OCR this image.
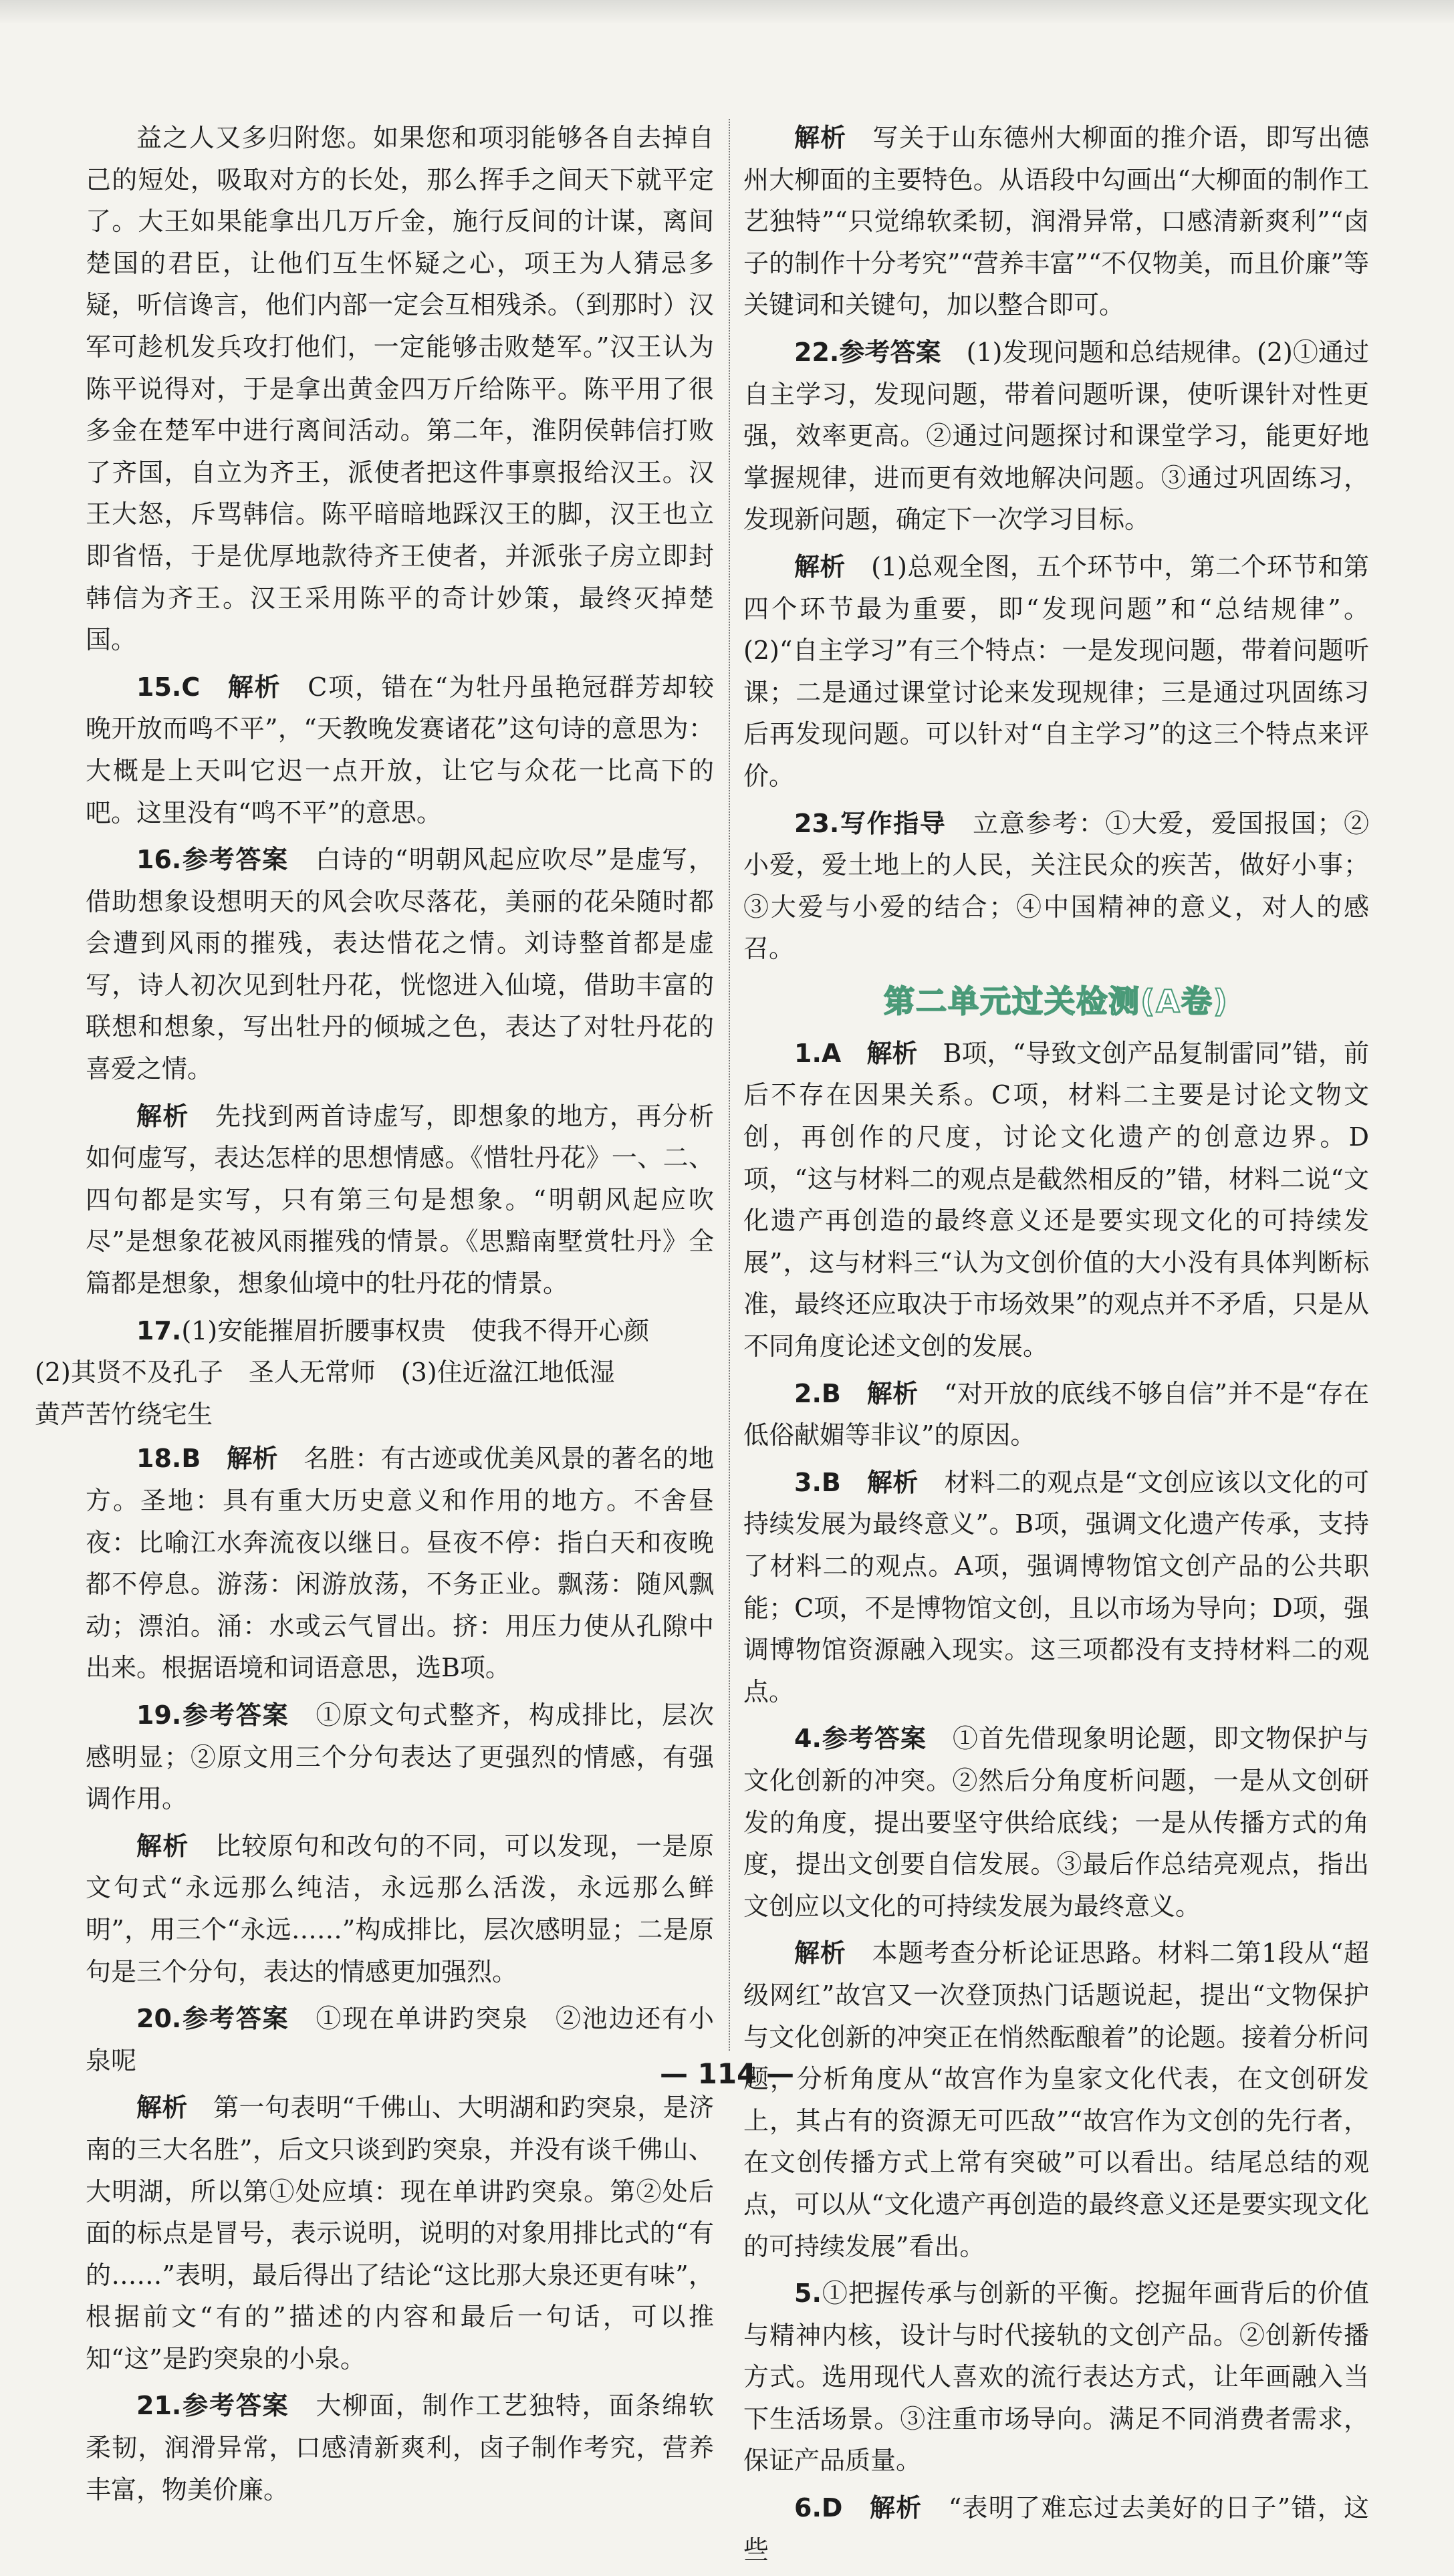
益之人又多归附您。如果您和项羽能够各自去掉自己的短处，吸取对方的长处，那么挥手之间天下就平定了。大王如果能拿出几万斤金，施行反间的计谋，离间楚国的君臣，让他们互生怀疑之心，项王为人猜忌多疑，听信谗言，他们内部一定会互相残杀。（到那时）汉军可趁机发兵攻打他们，一定能够击败楚军。”汉王认为陈平说得对，于是拿出黄金四万斤给陈平。陈平用了很多金在楚军中进行离间活动。第二年，淮阴侯韩信打败了齐国，自立为齐王，派使者把这件事禀报给汉王。汉王大怒，斥骂韩信。陈平暗暗地踩汉王的脚，汉王也立即省悟，于是优厚地款待齐王使者，并派张子房立即封韩信为齐王。汉王采用陈平的奇计妙策，最终灭掉楚国。

15.C　 解析　 C项，错在“为牡丹虽艳冠群芳却较晚开放而鸣不平”，“天教晚发赛诸花”这句诗的意思为：大概是上天叫它迟一点开放，让它与众花一比高下的吧。这里没有“鸣不平”的意思。

16.参考答案　 白诗的“明朝风起应吹尽”是虚写，借助想象设想明天的风会吹尽落花，美丽的花朵随时都会遭到风雨的摧残，表达惜花之情。刘诗整首都是虚写，诗人初次见到牡丹花，恍惚进入仙境，借助丰富的联想和想象，写出牡丹的倾城之色，表达了对牡丹花的喜爱之情。

解析　 先找到两首诗虚写，即想象的地方，再分析如何虚写，表达怎样的思想情感。《惜牡丹花》一、二、四句都是实写，只有第三句是想象。“明朝风起应吹尽”是想象花被风雨摧残的情景。《思黯南墅赏牡丹》全篇都是想象，想象仙境中的牡丹花的情景。

17.(1)安能摧眉折腰事权贵　使我不得开心颜
(2)其贤不及孔子　圣人无常师　(3)住近湓江地低湿
黄芦苦竹绕宅生

18.B　 解析　 名胜：有古迹或优美风景的著名的地方。圣地：具有重大历史意义和作用的地方。不舍昼夜：比喻江水奔流夜以继日。昼夜不停：指白天和夜晚都不停息。游荡：闲游放荡，不务正业。飘荡：随风飘动；漂泊。涌：水或云气冒出。挤：用压力使从孔隙中出来。根据语境和词语意思，选B项。

19.参考答案　 ①原文句式整齐，构成排比，层次感明显；②原文用三个分句表达了更强烈的情感，有强调作用。

解析　 比较原句和改句的不同，可以发现，一是原文句式“永远那么纯洁，永远那么活泼，永远那么鲜明”，用三个“永远……”构成排比，层次感明显；二是原句是三个分句，表达的情感更加强烈。

20.参考答案　 ①现在单讲趵突泉　②池边还有小泉呢

解析　 第一句表明“千佛山、大明湖和趵突泉，是济南的三大名胜”，后文只谈到趵突泉，并没有谈千佛山、大明湖，所以第①处应填：现在单讲趵突泉。第②处后面的标点是冒号，表示说明，说明的对象用排比式的“有的……”表明，最后得出了结论“这比那大泉还更有味”，根据前文“有的”描述的内容和最后一句话，可以推知“这”是趵突泉的小泉。

21.参考答案　 大柳面，制作工艺独特，面条绵软柔韧，润滑异常，口感清新爽利，卤子制作考究，营养丰富，物美价廉。

解析　 写关于山东德州大柳面的推介语，即写出德州大柳面的主要特色。从语段中勾画出“大柳面的制作工艺独特”“只觉绵软柔韧，润滑异常，口感清新爽利”“卤子的制作十分考究”“营养丰富”“不仅物美，而且价廉”等关键词和关键句，加以整合即可。

22.参考答案　 (1)发现问题和总结规律。(2)①通过自主学习，发现问题，带着问题听课，使听课针对性更强，效率更高。②通过问题探讨和课堂学习，能更好地掌握规律，进而更有效地解决问题。③通过巩固练习，发现新问题，确定下一次学习目标。

解析　 (1)总观全图，五个环节中，第二个环节和第四个环节最为重要，即“发现问题”和“总结规律”。(2)“自主学习”有三个特点：一是发现问题，带着问题听课；二是通过课堂讨论来发现规律；三是通过巩固练习后再发现问题。可以针对“自主学习”的这三个特点来评价。

23.写作指导　 立意参考：①大爱，爱国报国；②小爱，爱土地上的人民，关注民众的疾苦，做好小事；③大爱与小爱的结合；④中国精神的意义，对人的感召。

第二单元过关检测(A卷)

1.A　 解析　 B项，“导致文创产品复制雷同”错，前后不存在因果关系。C项，材料二主要是讨论文物文创，再创作的尺度，讨论文化遗产的创意边界。D项，“这与材料二的观点是截然相反的”错，材料二说“文化遗产再创造的最终意义还是要实现文化的可持续发展”，这与材料三“认为文创价值的大小没有具体判断标准，最终还应取决于市场效果”的观点并不矛盾，只是从不同角度论述文创的发展。

2.B　 解析　 “对开放的底线不够自信”并不是“存在低俗献媚等非议”的原因。

3.B　 解析　 材料二的观点是“文创应该以文化的可持续发展为最终意义”。B项，强调文化遗产传承，支持了材料二的观点。A项，强调博物馆文创产品的公共职能；C项，不是博物馆文创，且以市场为导向；D项，强调博物馆资源融入现实。这三项都没有支持材料二的观点。

4.参考答案　 ①首先借现象明论题，即文物保护与文化创新的冲突。②然后分角度析问题，一是从文创研发的角度，提出要坚守供给底线；一是从传播方式的角度，提出文创要自信发展。③最后作总结亮观点，指出文创应以文化的可持续发展为最终意义。

解析　 本题考查分析论证思路。材料二第1段从“超级网红”故宫又一次登顶热门话题说起，提出“文物保护与文化创新的冲突正在悄然酝酿着”的论题。接着分析问题，分析角度从“故宫作为皇家文化代表，在文创研发上，其占有的资源无可匹敌”“故宫作为文创的先行者，在文创传播方式上常有突破”可以看出。结尾总结的观点，可以从“文化遗产再创造的最终意义还是要实现文化的可持续发展”看出。

5.①把握传承与创新的平衡。挖掘年画背后的价值与精神内核，设计与时代接轨的文创产品。②创新传播方式。选用现代人喜欢的流行表达方式，让年画融入当下生活场景。③注重市场导向。满足不同消费者需求，保证产品质量。

6.D　 解析　 “表明了难忘过去美好的日子”错，这些

— 114 —
